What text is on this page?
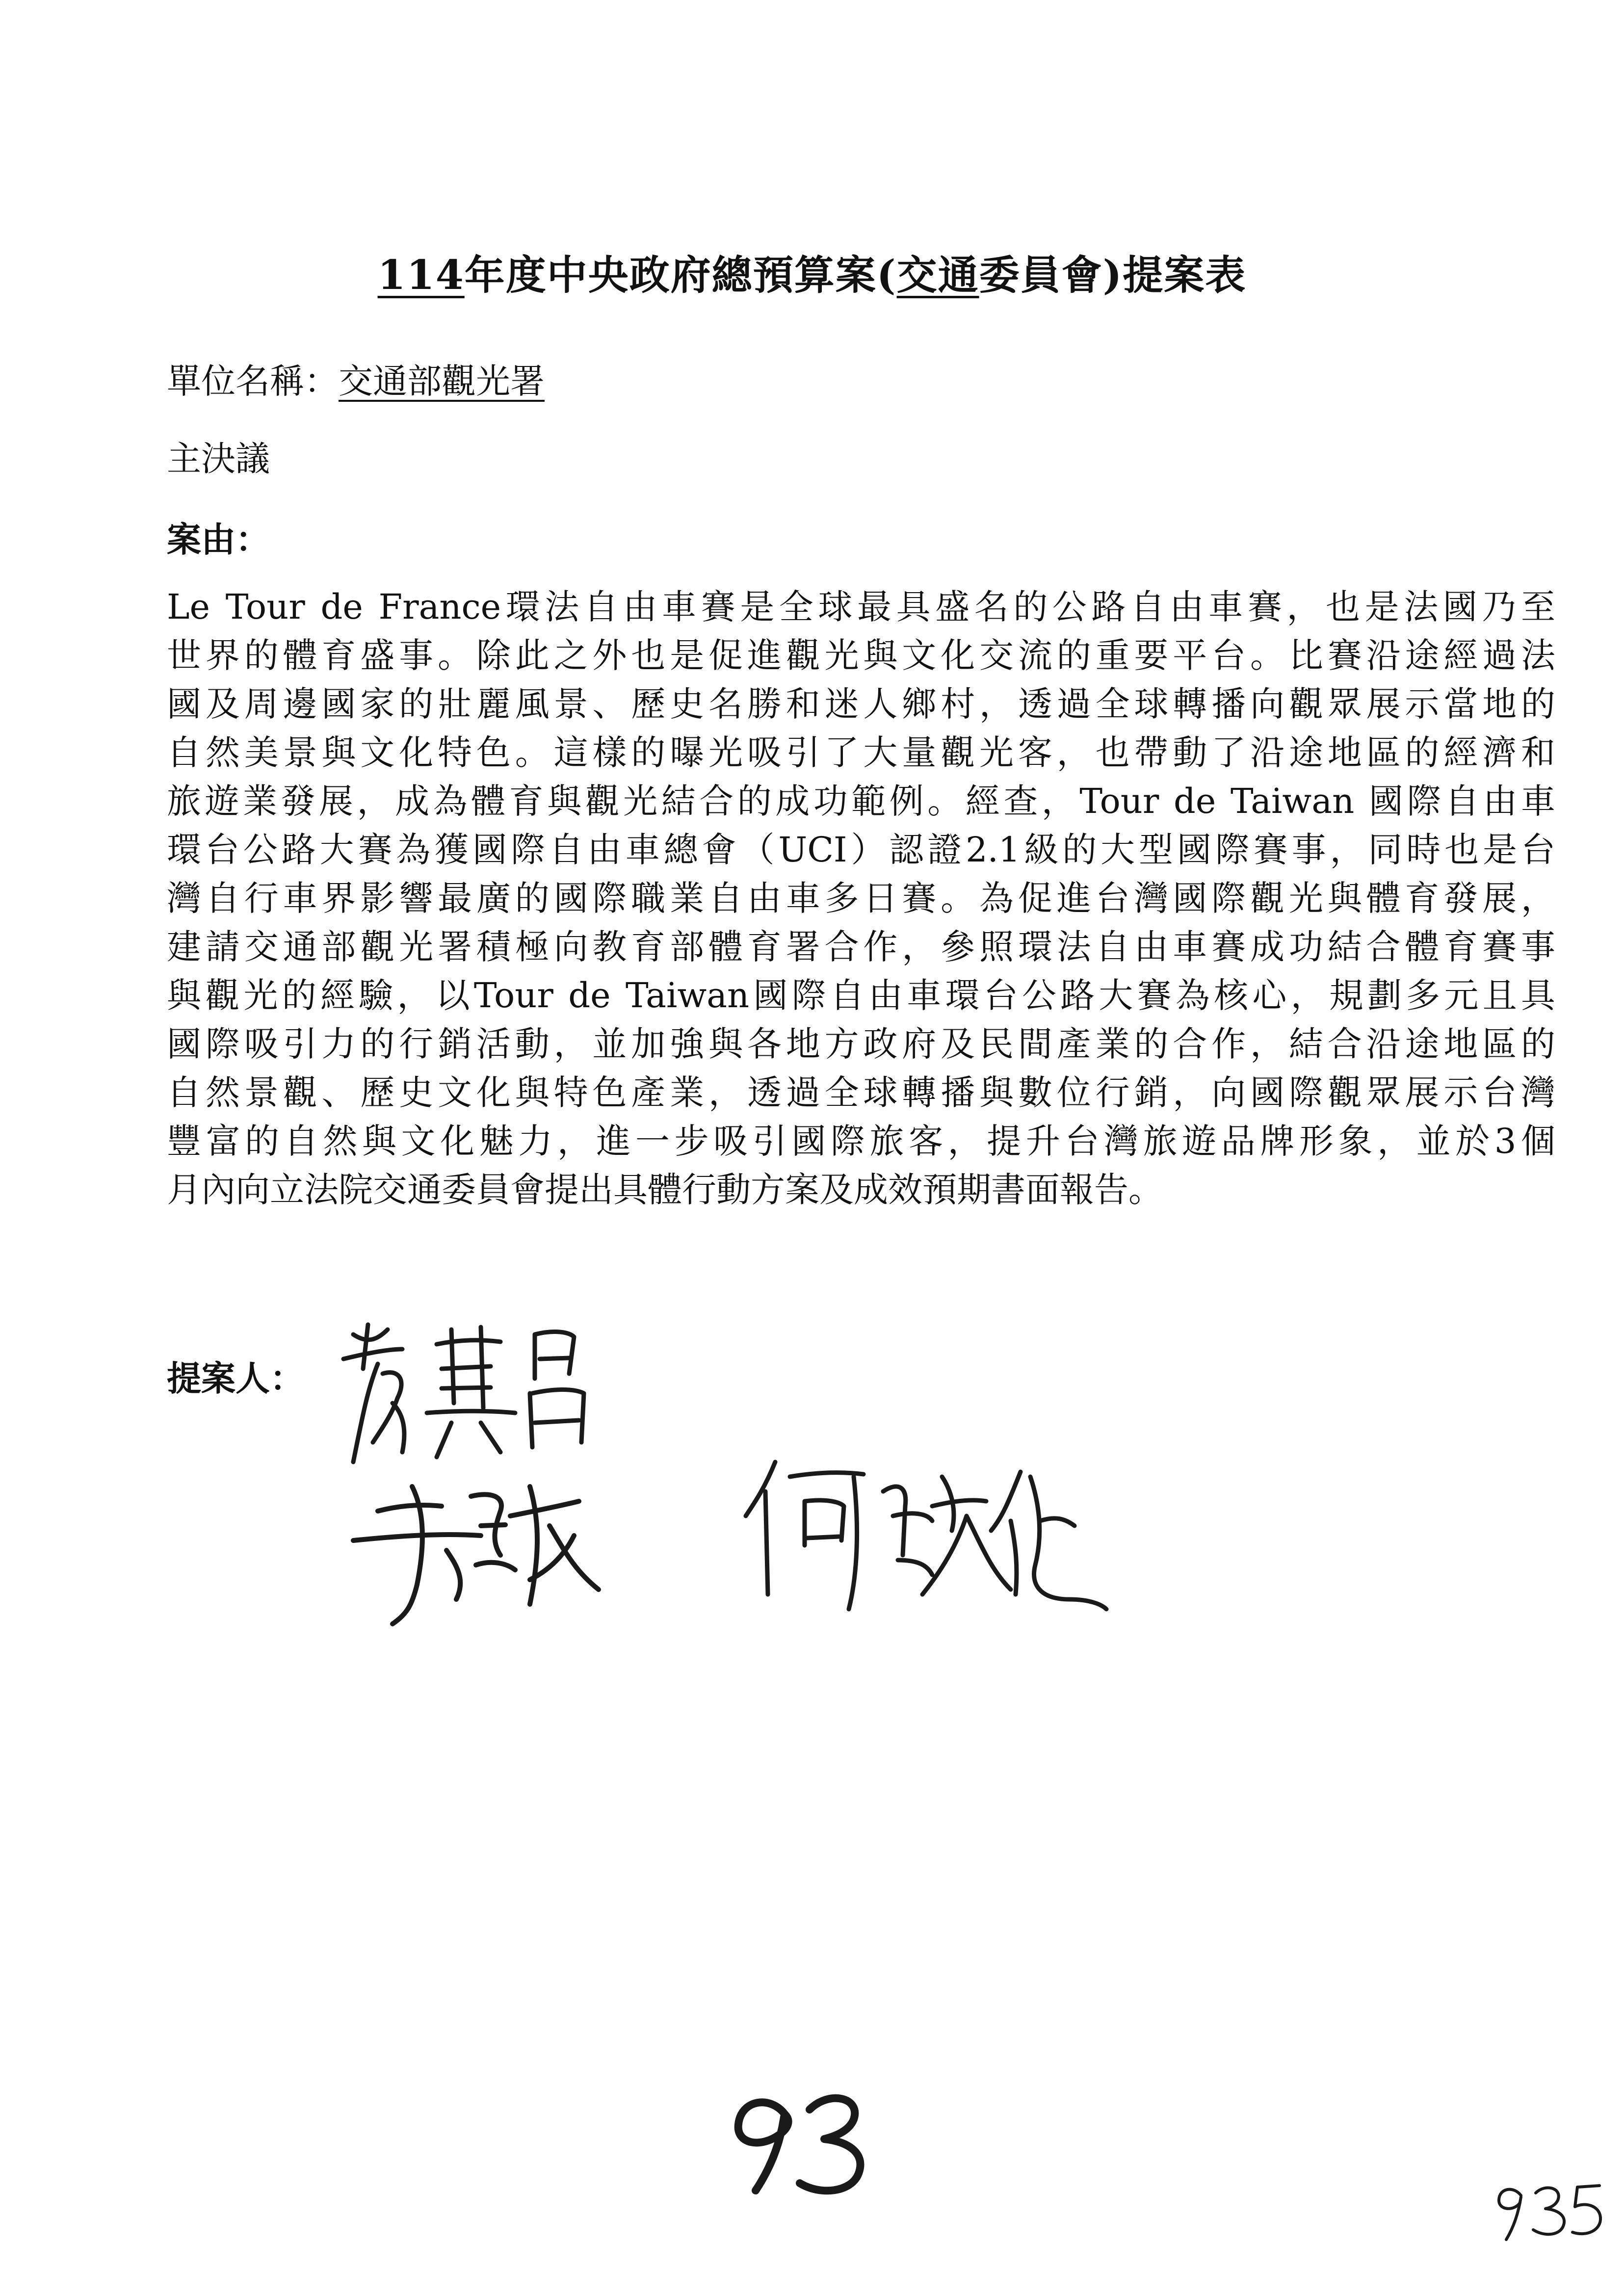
114年度中央政府總預算案(交通委員會)提案表
單位名稱：交通部觀光署
主決議
案由：
Le Tour de France環法自由車賽是全球最具盛名的公路自由車賽，也是法國乃至
世界的體育盛事。除此之外也是促進觀光與文化交流的重要平台。比賽沿途經過法
國及周邊國家的壯麗風景、歷史名勝和迷人鄉村，透過全球轉播向觀眾展示當地的
自然美景與文化特色。這樣的曝光吸引了大量觀光客，也帶動了沿途地區的經濟和
旅遊業發展，成為體育與觀光結合的成功範例。經查，Tour de Taiwan 國際自由車
環台公路大賽為獲國際自由車總會（UCI）認證2.1級的大型國際賽事，同時也是台
灣自行車界影響最廣的國際職業自由車多日賽。為促進台灣國際觀光與體育發展，
建請交通部觀光署積極向教育部體育署合作，參照環法自由車賽成功結合體育賽事
與觀光的經驗，以Tour de Taiwan國際自由車環台公路大賽為核心，規劃多元且具
國際吸引力的行銷活動，並加強與各地方政府及民間產業的合作，結合沿途地區的
自然景觀、歷史文化與特色產業，透過全球轉播與數位行銷，向國際觀眾展示台灣
豐富的自然與文化魅力，進一步吸引國際旅客，提升台灣旅遊品牌形象，並於3個
月內向立法院交通委員會提出具體行動方案及成效預期書面報告。
提案人：
93
935
